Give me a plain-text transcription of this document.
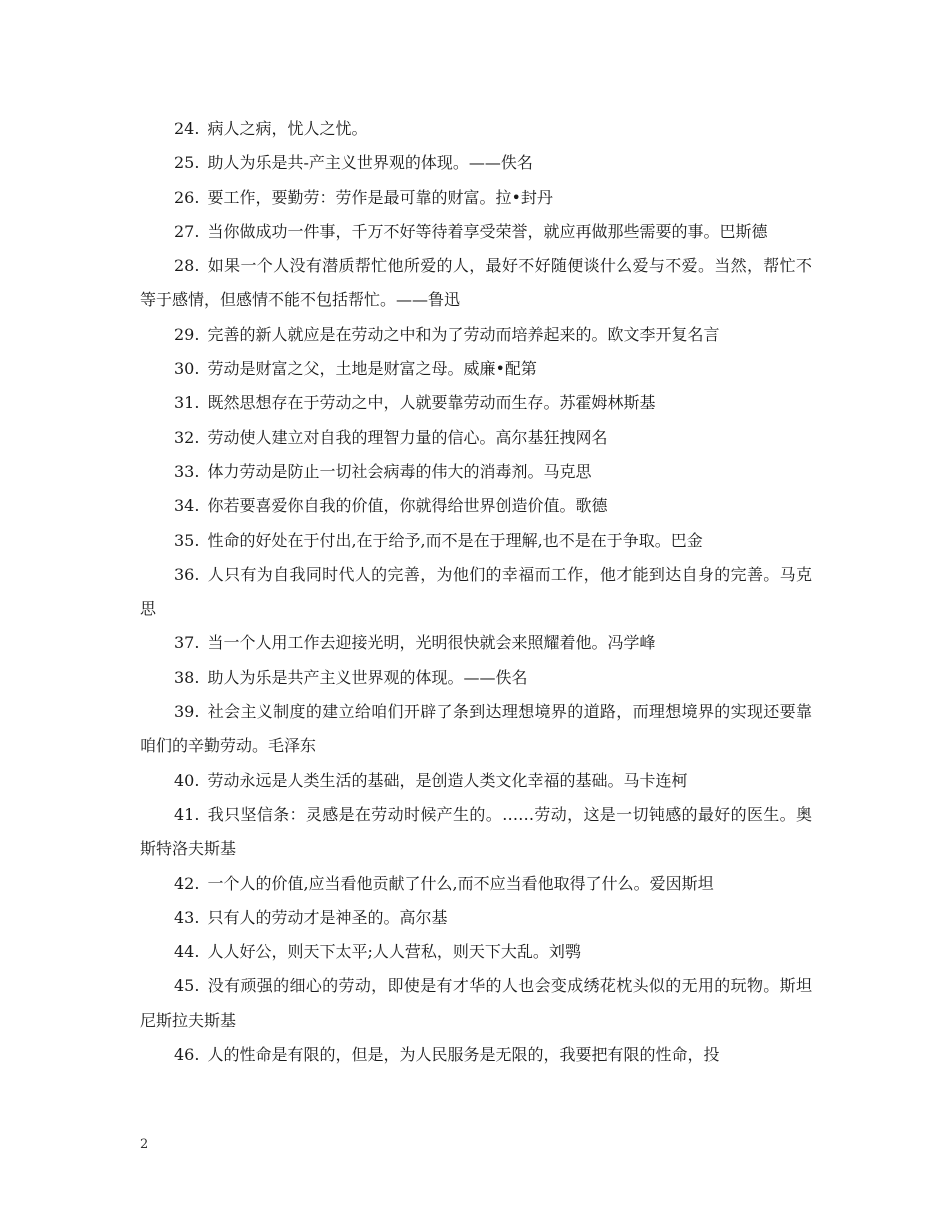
24. 病人之病，忧人之忧。

25. 助人为乐是共-产主义世界观的体现。——佚名

26. 要工作，要勤劳：劳作是最可靠的财富。拉•封丹

27. 当你做成功一件事，千万不好等待着享受荣誉，就应再做那些需要的事。巴斯德

28. 如果一个人没有潜质帮忙他所爱的人，最好不好随便谈什么爱与不爱。当然，帮忙不等于感情，但感情不能不包括帮忙。——鲁迅

29. 完善的新人就应是在劳动之中和为了劳动而培养起来的。欧文李开复名言

30. 劳动是财富之父，土地是财富之母。威廉•配第

31. 既然思想存在于劳动之中，人就要靠劳动而生存。苏霍姆林斯基

32. 劳动使人建立对自我的理智力量的信心。高尔基狂拽网名

33. 体力劳动是防止一切社会病毒的伟大的消毒剂。马克思

34. 你若要喜爱你自我的价值，你就得给世界创造价值。歌德

35. 性命的好处在于付出,在于给予,而不是在于理解,也不是在于争取。巴金

36. 人只有为自我同时代人的完善，为他们的幸福而工作，他才能到达自身的完善。马克思

37. 当一个人用工作去迎接光明，光明很快就会来照耀着他。冯学峰

38. 助人为乐是共产主义世界观的体现。——佚名

39. 社会主义制度的建立给咱们开辟了条到达理想境界的道路，而理想境界的实现还要靠咱们的辛勤劳动。毛泽东

40. 劳动永远是人类生活的基础，是创造人类文化幸福的基础。马卡连柯

41. 我只坚信条：灵感是在劳动时候产生的。……劳动，这是一切钝感的最好的医生。奥斯特洛夫斯基

42. 一个人的价值,应当看他贡献了什么,而不应当看他取得了什么。爱因斯坦

43. 只有人的劳动才是神圣的。高尔基

44. 人人好公，则天下太平;人人营私，则天下大乱。刘鹗

45. 没有顽强的细心的劳动，即使是有才华的人也会变成绣花枕头似的无用的玩物。斯坦尼斯拉夫斯基

46. 人的性命是有限的，但是，为人民服务是无限的，我要把有限的性命，投

2
